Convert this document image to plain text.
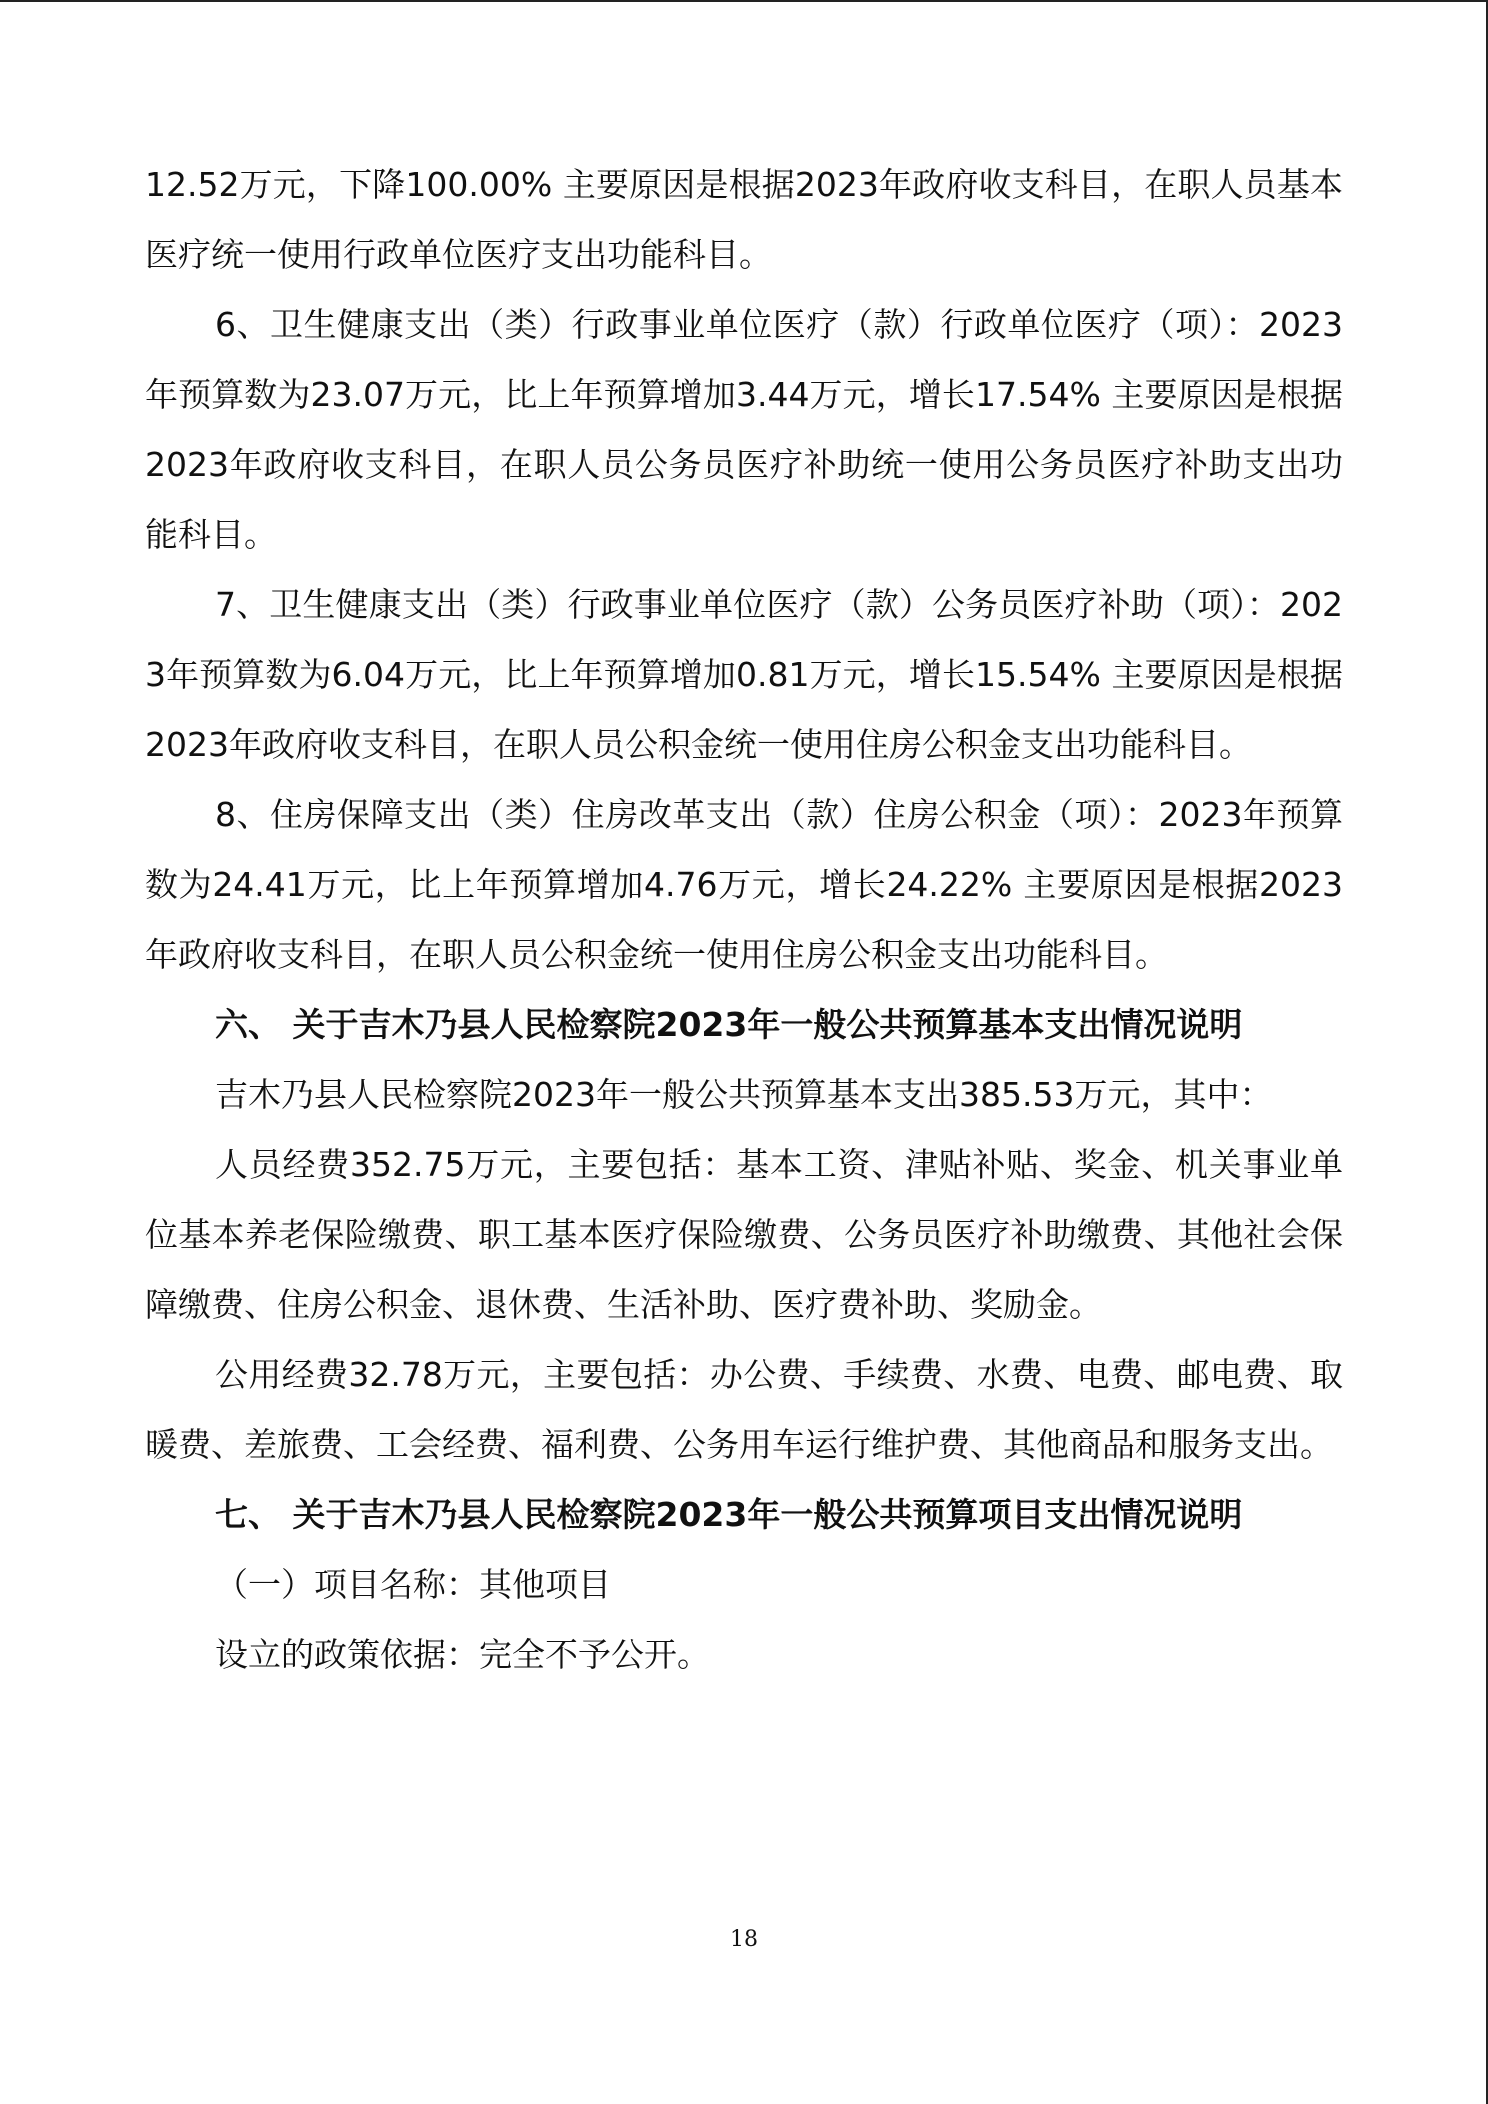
12.52万元，下降100.00% 主要原因是根据2023年政府收支科目，在职人员基本医疗统一使用行政单位医疗支出功能科目。

6、卫生健康支出（类）行政事业单位医疗（款）行政单位医疗（项）：2023年预算数为23.07万元，比上年预算增加3.44万元，增长17.54% 主要原因是根据2023年政府收支科目，在职人员公务员医疗补助统一使用公务员医疗补助支出功能科目。

7、卫生健康支出（类）行政事业单位医疗（款）公务员医疗补助（项）：2023年预算数为6.04万元，比上年预算增加0.81万元，增长15.54% 主要原因是根据2023年政府收支科目，在职人员公积金统一使用住房公积金支出功能科目。

8、住房保障支出（类）住房改革支出（款）住房公积金（项）：2023年预算数为24.41万元，比上年预算增加4.76万元，增长24.22% 主要原因是根据2023年政府收支科目，在职人员公积金统一使用住房公积金支出功能科目。

六、 关于吉木乃县人民检察院2023年一般公共预算基本支出情况说明

吉木乃县人民检察院2023年一般公共预算基本支出385.53万元，其中：

人员经费352.75万元，主要包括：基本工资、津贴补贴、奖金、机关事业单位基本养老保险缴费、职工基本医疗保险缴费、公务员医疗补助缴费、其他社会保障缴费、住房公积金、退休费、生活补助、医疗费补助、奖励金。

公用经费32.78万元，主要包括：办公费、手续费、水费、电费、邮电费、取暖费、差旅费、工会经费、福利费、公务用车运行维护费、其他商品和服务支出。

七、 关于吉木乃县人民检察院2023年一般公共预算项目支出情况说明

（一）项目名称：其他项目

设立的政策依据：完全不予公开。

18
